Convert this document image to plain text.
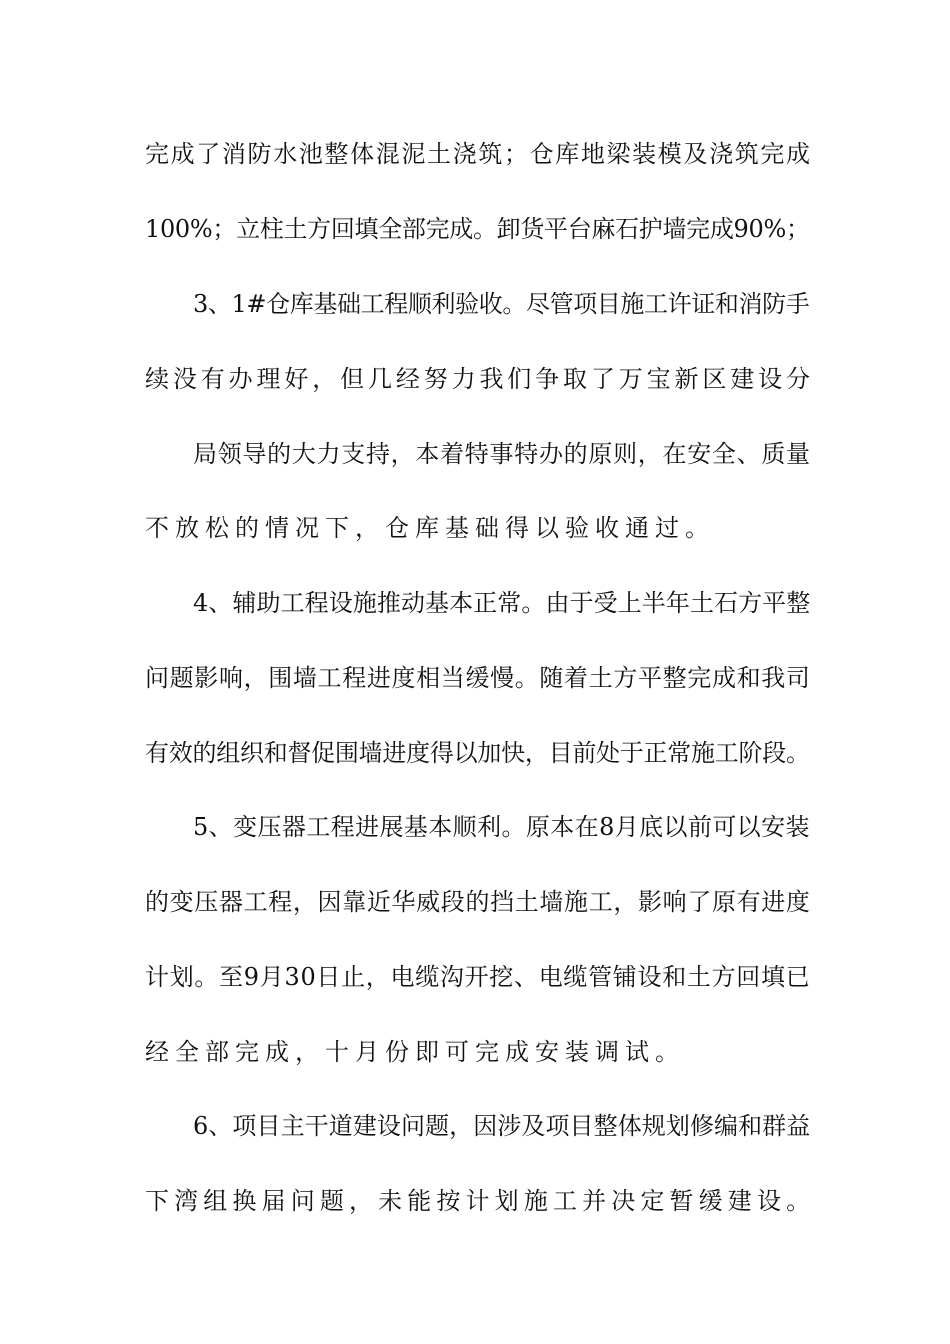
完成了消防水池整体混泥土浇筑；仓库地梁装模及浇筑完成
100%；立柱土方回填全部完成。卸货平台麻石护墙完成90%；
3、1#仓库基础工程顺利验收。尽管项目施工许证和消防手
续没有办理好，但几经努力我们争取了万宝新区建设分
局领导的大力支持，本着特事特办的原则，在安全、质量
不放松的情况下，仓库基础得以验收通过。
4、辅助工程设施推动基本正常。由于受上半年土石方平整
问题影响，围墙工程进度相当缓慢。随着土方平整完成和我司
有效的组织和督促围墙进度得以加快，目前处于正常施工阶段。
5、变压器工程进展基本顺利。原本在8月底以前可以安装
的变压器工程，因靠近华威段的挡土墙施工，影响了原有进度
计划。至9月30日止，电缆沟开挖、电缆管铺设和土方回填已
经全部完成，十月份即可完成安装调试。
6、项目主干道建设问题，因涉及项目整体规划修编和群益
下湾组换届问题，未能按计划施工并决定暂缓建设。
